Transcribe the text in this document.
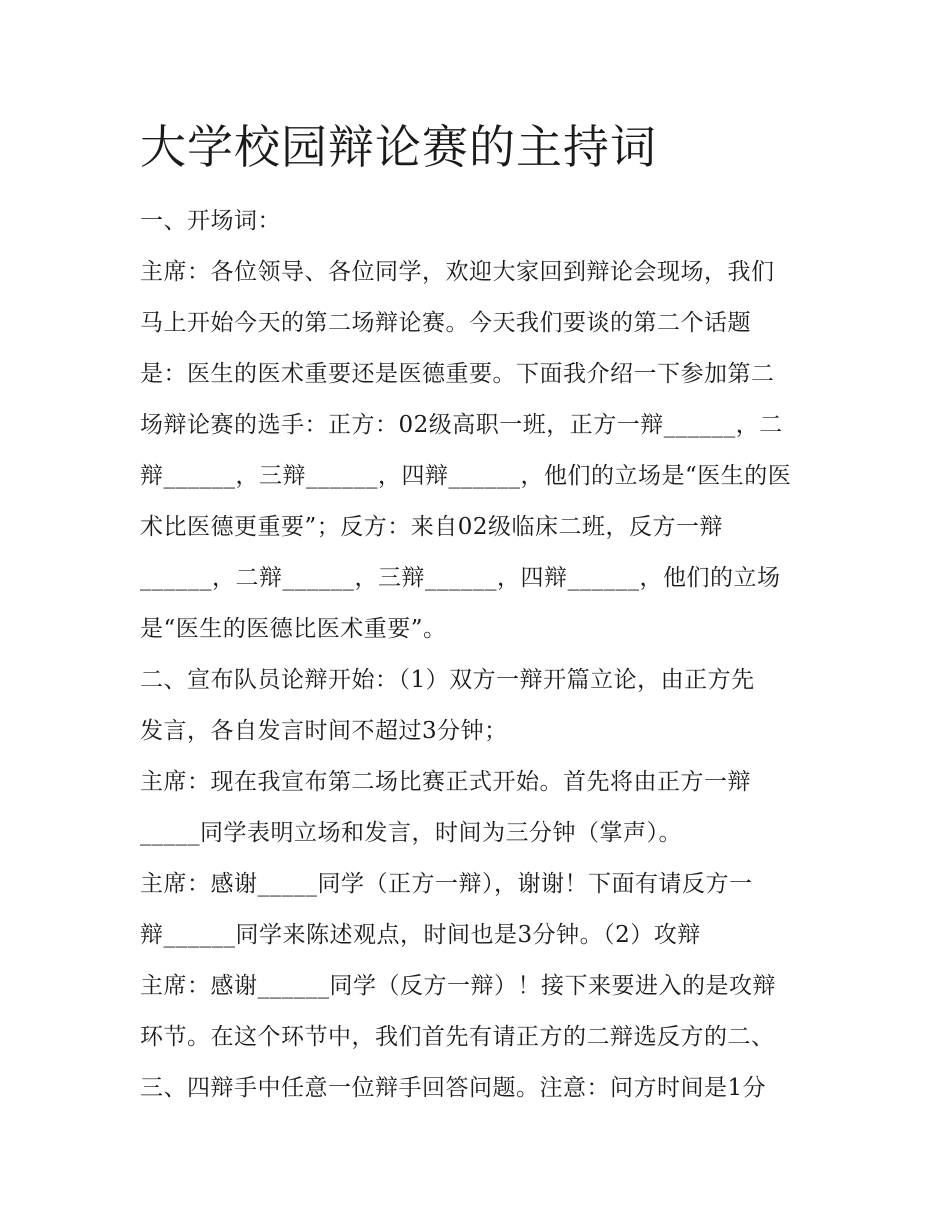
大学校园辩论赛的主持词
一、开场词：
主席：各位领导、各位同学，欢迎大家回到辩论会现场，我们
马上开始今天的第二场辩论赛。今天我们要谈的第二个话题
是：医生的医术重要还是医德重要。下面我介绍一下参加第二
场辩论赛的选手：正方：02级高职一班，正方一辩______，二
辩______，三辩______，四辩______，他们的立场是“医生的医
术比医德更重要”；反方：来自02级临床二班，反方一辩
______，二辩______，三辩______，四辩______，他们的立场
是“医生的医德比医术重要”。
二、宣布队员论辩开始：（1）双方一辩开篇立论，由正方先
发言，各自发言时间不超过3分钟；
主席：现在我宣布第二场比赛正式开始。首先将由正方一辩
_____同学表明立场和发言，时间为三分钟（掌声）。
主席：感谢_____同学（正方一辩），谢谢！下面有请反方一
辩______同学来陈述观点，时间也是3分钟。（2）攻辩
主席：感谢______同学（反方一辩）！接下来要进入的是攻辩
环节。在这个环节中，我们首先有请正方的二辩选反方的二、
三、四辩手中任意一位辩手回答问题。注意：问方时间是1分
